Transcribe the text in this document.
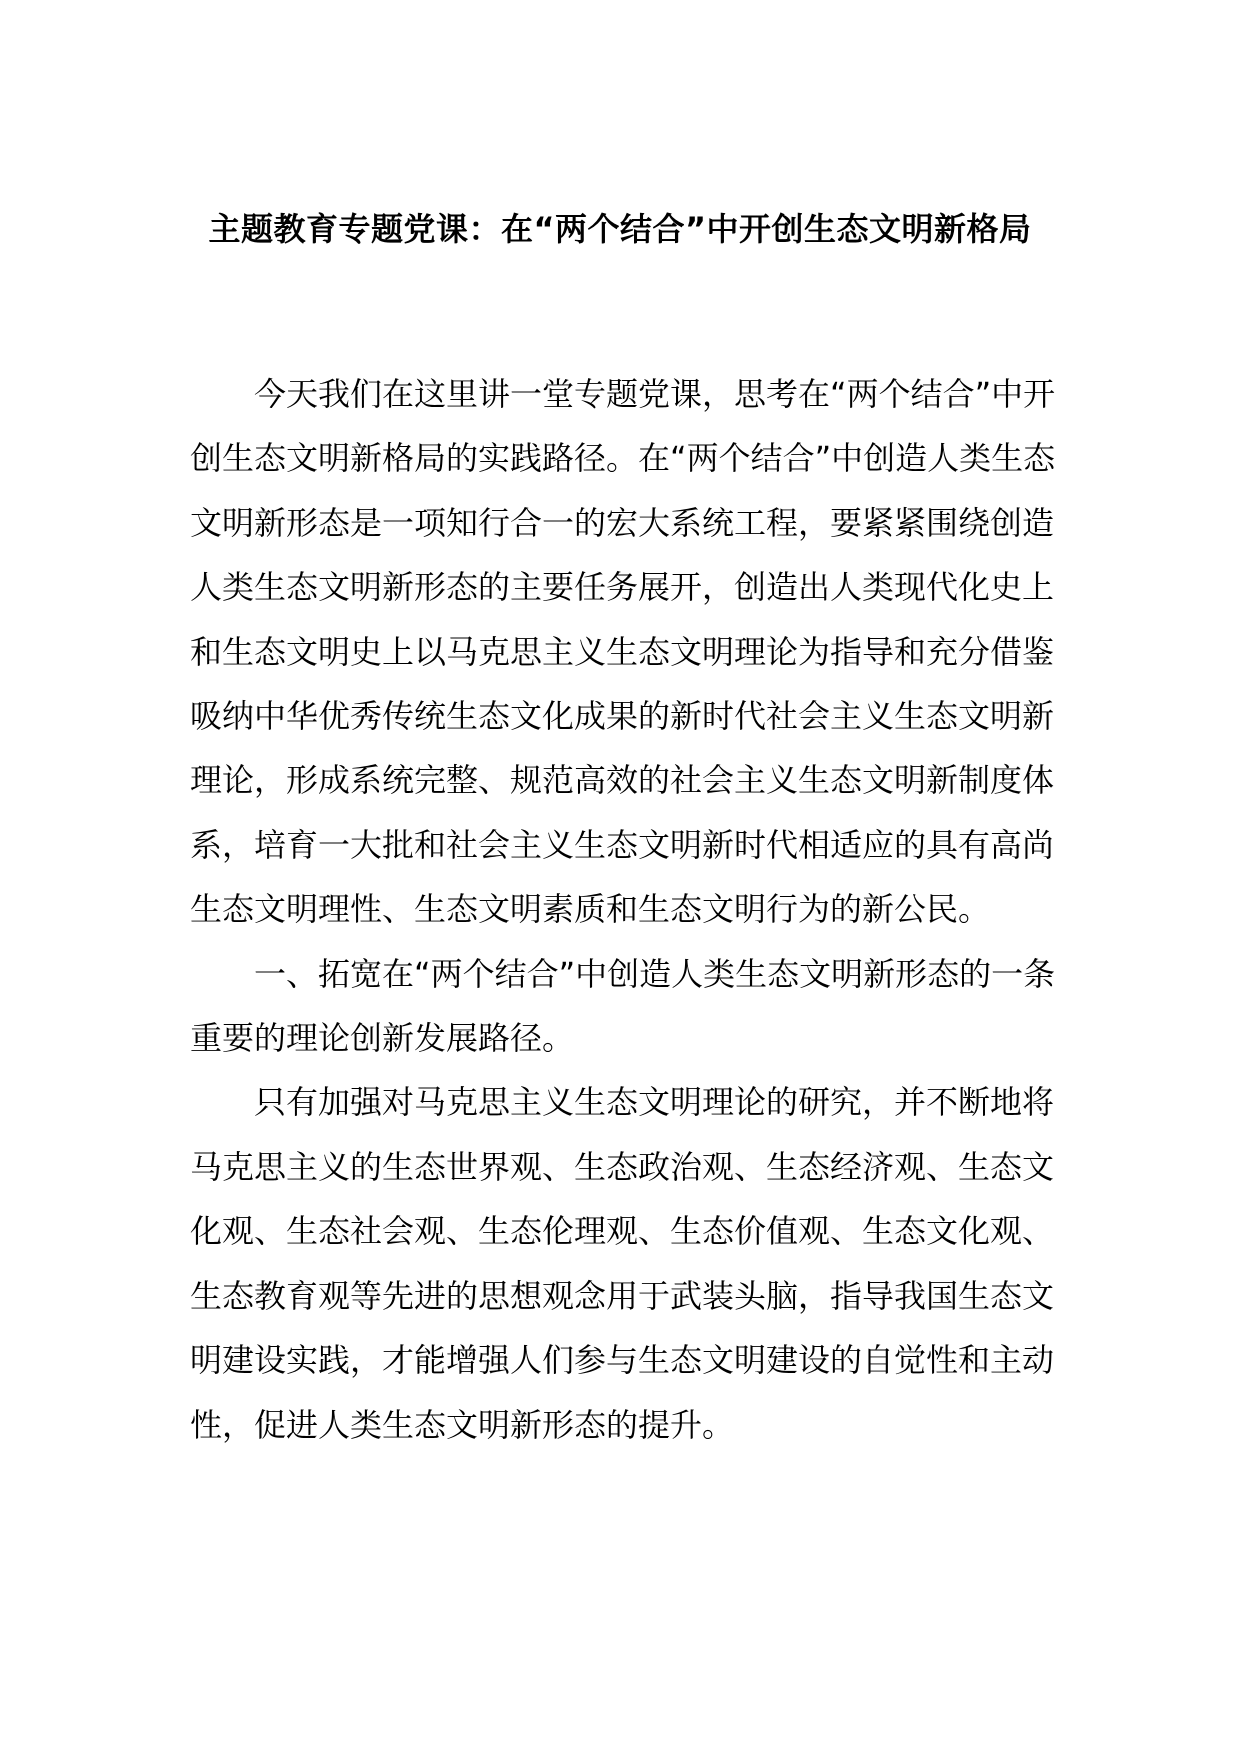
主题教育专题党课：在“两个结合”中开创生态文明新格局

今天我们在这里讲一堂专题党课，思考在“两个结合”中开创生态文明新格局的实践路径。在“两个结合”中创造人类生态文明新形态是一项知行合一的宏大系统工程，要紧紧围绕创造人类生态文明新形态的主要任务展开，创造出人类现代化史上和生态文明史上以马克思主义生态文明理论为指导和充分借鉴吸纳中华优秀传统生态文化成果的新时代社会主义生态文明新理论，形成系统完整、规范高效的社会主义生态文明新制度体系，培育一大批和社会主义生态文明新时代相适应的具有高尚生态文明理性、生态文明素质和生态文明行为的新公民。

一、拓宽在“两个结合”中创造人类生态文明新形态的一条重要的理论创新发展路径。

只有加强对马克思主义生态文明理论的研究，并不断地将马克思主义的生态世界观、生态政治观、生态经济观、生态文化观、生态社会观、生态伦理观、生态价值观、生态文化观、生态教育观等先进的思想观念用于武装头脑，指导我国生态文明建设实践，才能增强人们参与生态文明建设的自觉性和主动性，促进人类生态文明新形态的提升。
